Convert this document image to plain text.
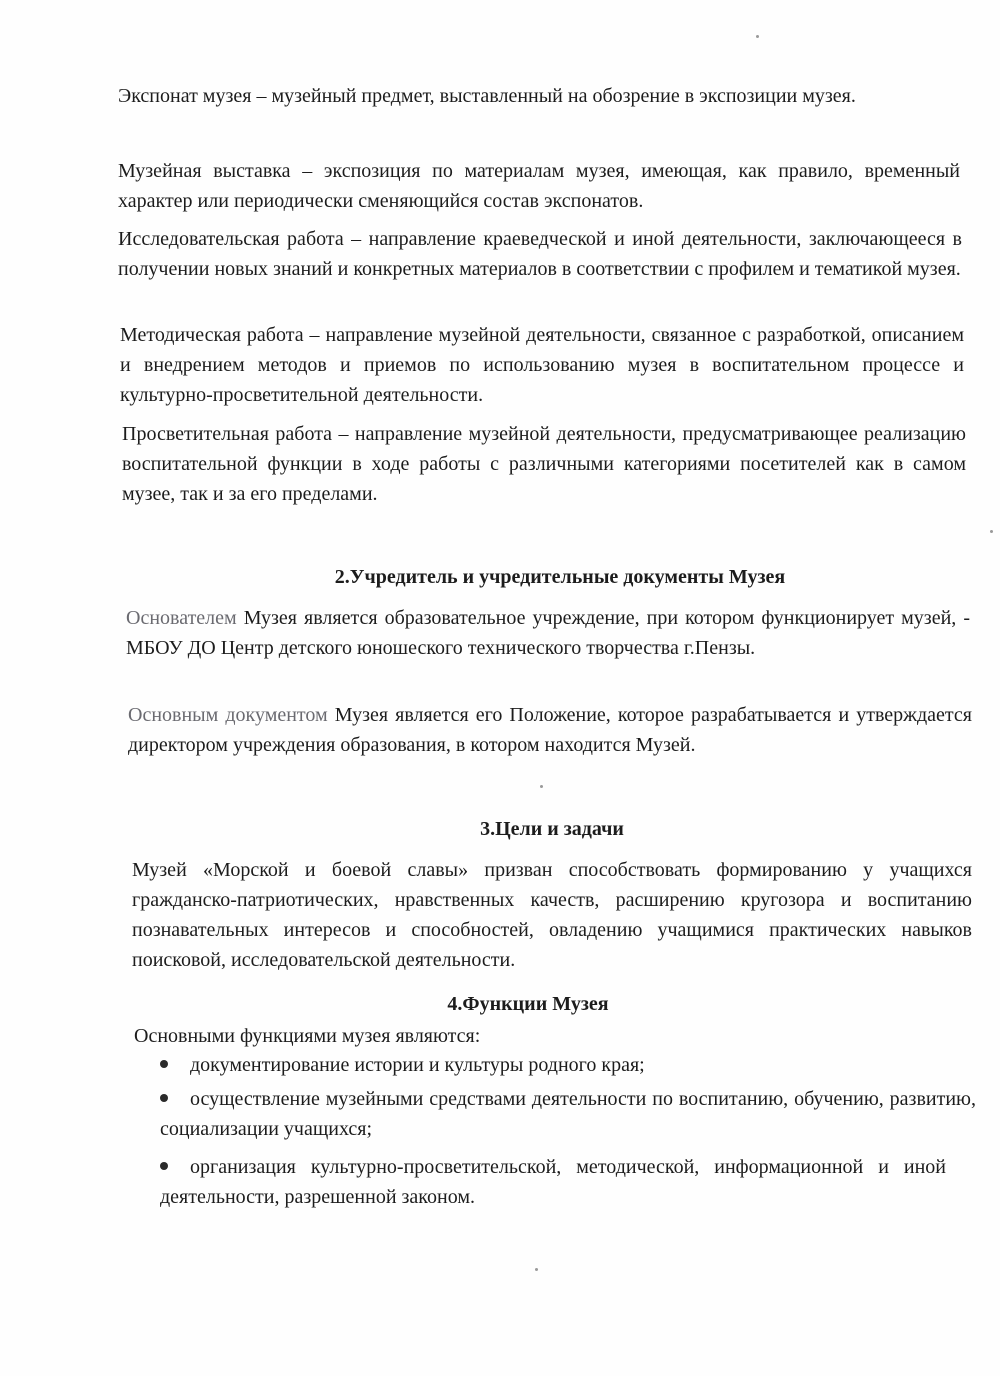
Экспонат музея – музейный предмет, выставленный на обозрение в экспозиции музея.

Музейная выставка – экспозиция по материалам музея, имеющая, как правило, временный характер или периодически сменяющийся состав экспонатов.

Исследовательская работа – направление краеведческой и иной деятельности, заключающееся в получении новых знаний и конкретных материалов в соответствии с профилем и тематикой музея.

Методическая работа – направление музейной деятельности, связанное с разработкой, описанием и внедрением методов и приемов по использованию музея в воспитательном процессе и культурно-просветительной деятельности.

Просветительная работа – направление музейной деятельности, предусматривающее реализацию воспитательной функции в ходе работы с различными категориями посетителей как в самом музее, так и за его пределами.

2.Учредитель и учредительные документы Музея

Основателем Музея является образовательное учреждение, при котором функционирует музей, - МБОУ ДО Центр детского юношеского технического творчества г.Пензы.

Основным документом Музея является его Положение, которое разрабатывается и утверждается директором учреждения образования, в котором находится Музей.

3.Цели и задачи

Музей «Морской и боевой славы» призван способствовать формированию у учащихся гражданско-патриотических, нравственных качеств, расширению кругозора и воспитанию познавательных интересов и способностей, овладению учащимися практических навыков поисковой, исследовательской деятельности.

4.Функции Музея

Основными функциями музея являются:

документирование истории и культуры родного края;
осуществление музейными средствами деятельности по воспитанию, обучению, развитию, социализации учащихся;
организация культурно-просветительской, методической, информационной и иной деятельности, разрешенной законом.
